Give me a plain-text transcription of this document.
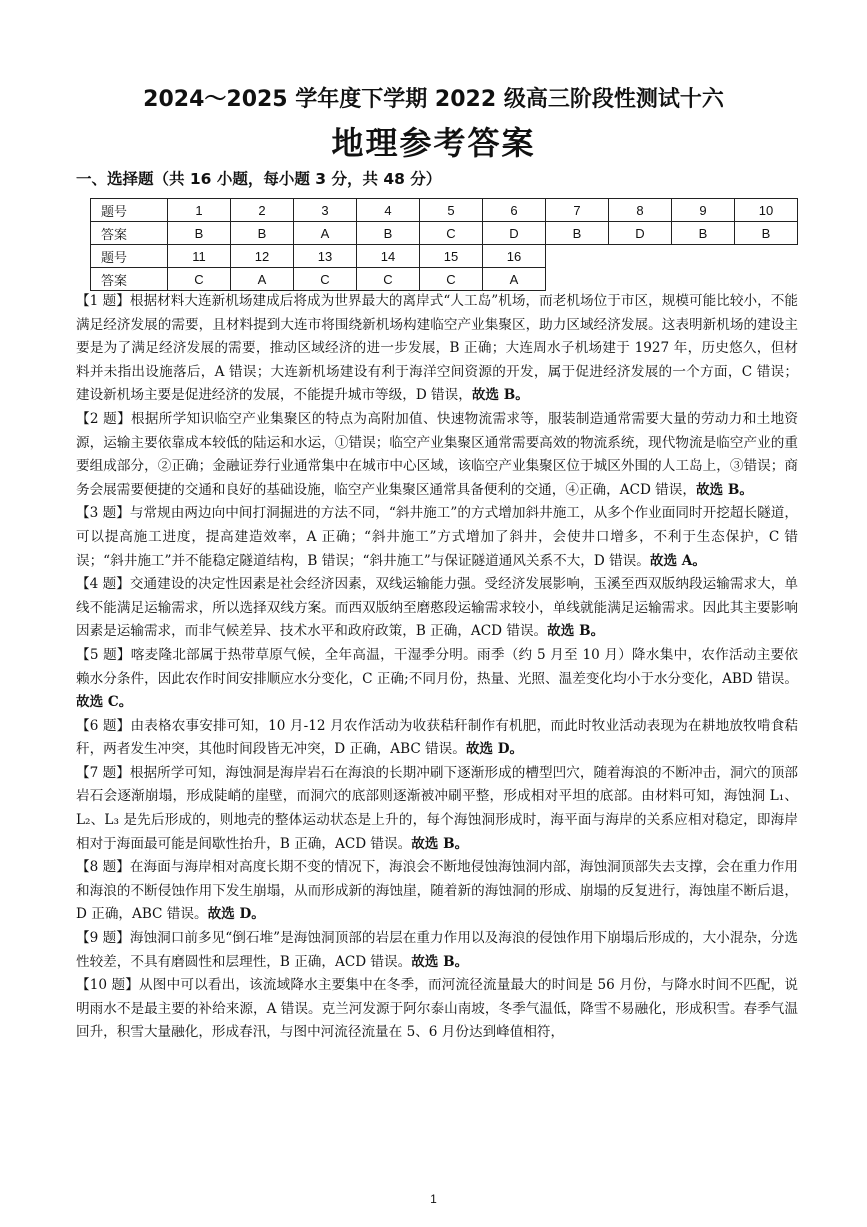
2024～2025 学年度下学期 2022 级高三阶段性测试十六
地理参考答案
一、选择题（共 16 小题，每小题 3 分，共 48 分）
题号	1	2	3	4	5	6	7	8	9	10
答案	B	B	A	B	C	D	B	D	B	B
题号	11	12	13	14	15	16				
答案	C	A	C	C	C	A				

【1 题】根据材料大连新机场建成后将成为世界最大的离岸式“人工岛”机场，而老机场位于市区，规模可能比较小，不能满足经济发展的需要，且材料提到大连市将围绕新机场构建临空产业集聚区，助力区域经济发展。这表明新机场的建设主要是为了满足经济发展的需要，推动区域经济的进一步发展，B 正确；大连周水子机场建于 1927 年，历史悠久，但材料并未指出设施落后，A 错误；大连新机场建设有利于海洋空间资源的开发，属于促进经济发展的一个方面，C 错误；建设新机场主要是促进经济的发展，不能提升城市等级，D 错误，故选 B。

【2 题】根据所学知识临空产业集聚区的特点为高附加值、快速物流需求等，服装制造通常需要大量的劳动力和土地资源，运输主要依靠成本较低的陆运和水运，①错误；临空产业集聚区通常需要高效的物流系统，现代物流是临空产业的重要组成部分，②正确；金融证券行业通常集中在城市中心区域，该临空产业集聚区位于城区外围的人工岛上，③错误；商务会展需要便捷的交通和良好的基础设施，临空产业集聚区通常具备便利的交通，④正确，ACD 错误，故选 B。

【3 题】与常规由两边向中间打洞掘进的方法不同，“斜井施工”的方式增加斜井施工，从多个作业面同时开挖超长隧道，可以提高施工进度，提高建造效率，A 正确；“斜井施工”方式增加了斜井，会使井口增多，不利于生态保护，C 错误；“斜井施工”并不能稳定隧道结构，B 错误；“斜井施工”与保证隧道通风关系不大，D 错误。故选 A。

【4 题】交通建设的决定性因素是社会经济因素，双线运输能力强。受经济发展影响，玉溪至西双版纳段运输需求大，单线不能满足运输需求，所以选择双线方案。而西双版纳至磨憨段运输需求较小，单线就能满足运输需求。因此其主要影响因素是运输需求，而非气候差异、技术水平和政府政策，B 正确，ACD 错误。故选 B。

【5 题】喀麦隆北部属于热带草原气候，全年高温，干湿季分明。雨季（约 5 月至 10 月）降水集中，农作活动主要依赖水分条件，因此农作时间安排顺应水分变化，C 正确;不同月份，热量、光照、温差变化均小于水分变化，ABD 错误。故选 C。

【6 题】由表格农事安排可知，10 月-12 月农作活动为收获秸秆制作有机肥，而此时牧业活动表现为在耕地放牧啃食秸秆，两者发生冲突，其他时间段皆无冲突，D 正确，ABC 错误。故选 D。

【7 题】根据所学可知，海蚀洞是海岸岩石在海浪的长期冲刷下逐渐形成的槽型凹穴，随着海浪的不断冲击，洞穴的顶部岩石会逐渐崩塌，形成陡峭的崖壁，而洞穴的底部则逐渐被冲刷平整，形成相对平坦的底部。由材料可知，海蚀洞 L₁、L₂、L₃ 是先后形成的，则地壳的整体运动状态是上升的，每个海蚀洞形成时，海平面与海岸的关系应相对稳定，即海岸相对于海面最可能是间歇性抬升，B 正确，ACD 错误。故选 B。

【8 题】在海面与海岸相对高度长期不变的情况下，海浪会不断地侵蚀海蚀洞内部，海蚀洞顶部失去支撑，会在重力作用和海浪的不断侵蚀作用下发生崩塌，从而形成新的海蚀崖，随着新的海蚀洞的形成、崩塌的反复进行，海蚀崖不断后退，D 正确，ABC 错误。故选 D。

【9 题】海蚀洞口前多见“倒石堆”是海蚀洞顶部的岩层在重力作用以及海浪的侵蚀作用下崩塌后形成的，大小混杂，分选性较差，不具有磨圆性和层理性，B 正确，ACD 错误。故选 B。

【10 题】从图中可以看出，该流域降水主要集中在冬季，而河流径流量最大的时间是 56 月份，与降水时间不匹配，说明雨水不是最主要的补给来源，A 错误。克兰河发源于阿尔泰山南坡，冬季气温低，降雪不易融化，形成积雪。春季气温回升，积雪大量融化，形成春汛，与图中河流径流量在 5、6 月份达到峰值相符，

1
